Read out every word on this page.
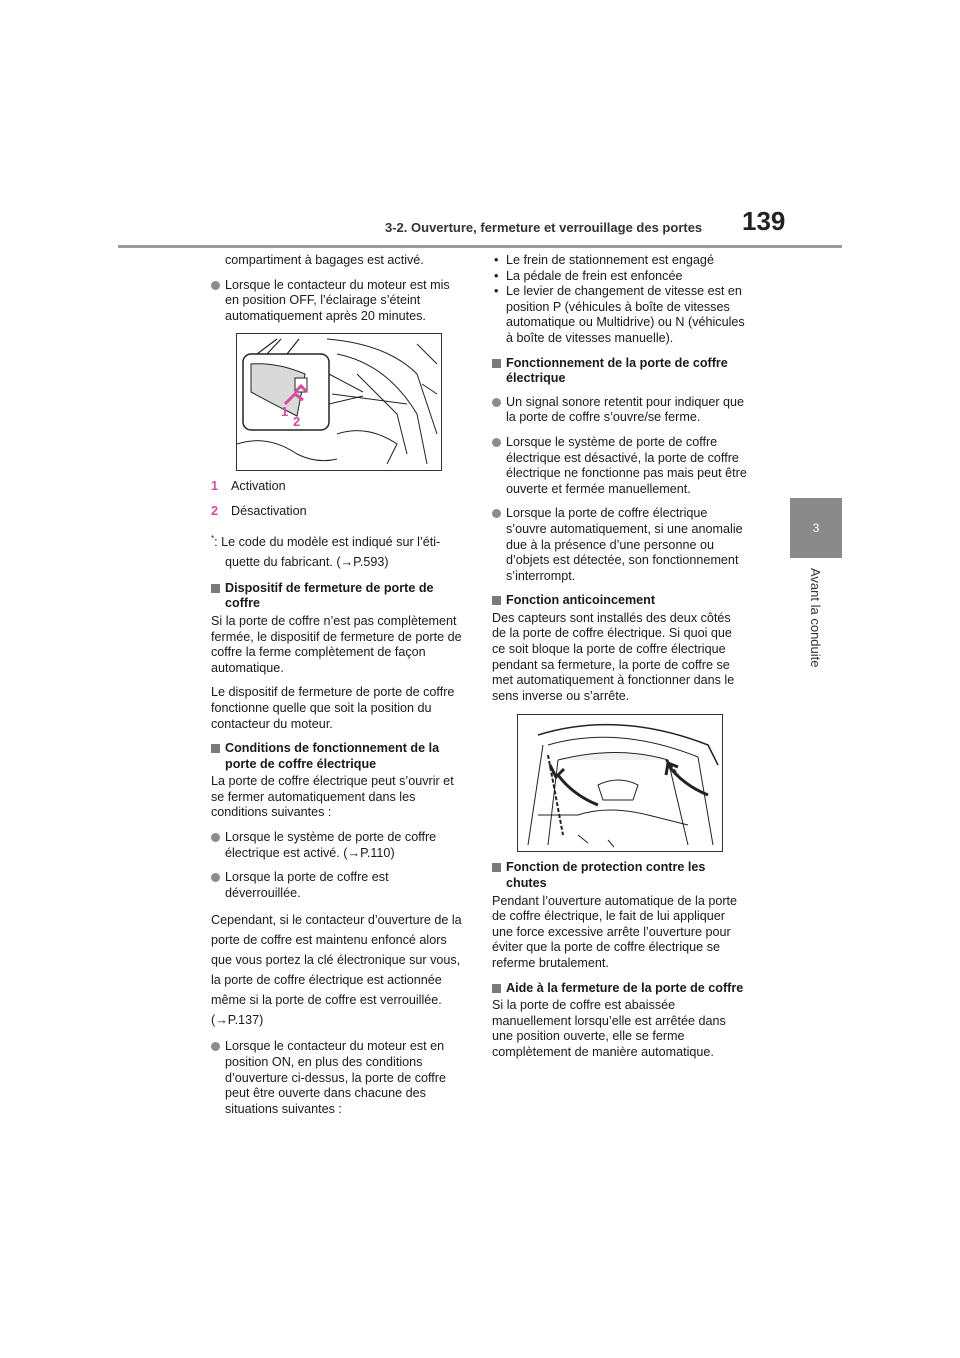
3-2. Ouverture, fermeture et verrouillage des portes 139
3
Avant la conduite

compartiment à bagages est activé.

Lorsque le contacteur du moteur est mis en position OFF, l’éclairage s’éteint automatiquement après 20 minutes.
1
2
1 Activation
2 Désactivation
*: Le code du modèle est indiqué sur l’éti-
quette du fabricant. (→P.593)
Dispositif de fermeture de porte de coffre

Si la porte de coffre n’est pas complètement fermée, le dispositif de fermeture de porte de coffre la ferme complètement de façon automatique.

Le dispositif de fermeture de porte de coffre fonctionne quelle que soit la position du contacteur du moteur.

Conditions de fonctionnement de la porte de coffre électrique

La porte de coffre électrique peut s’ouvrir et se fermer automatiquement dans les conditions suivantes :

Lorsque le système de porte de coffre électrique est activé. (→P.110)
Lorsque la porte de coffre est déverrouillée.

Cependant, si le contacteur d’ouverture de la

porte de coffre est maintenu enfoncé alors

que vous portez la clé électronique sur vous,

la porte de coffre électrique est actionnée

même si la porte de coffre est verrouillée.

(→P.137)

Lorsque le contacteur du moteur est en position ON, en plus des conditions d’ouverture ci-dessus, la porte de coffre peut être ouverte dans chacune des situations suivantes :

• Le frein de stationnement est engagé

• La pédale de frein est enfoncée

• Le levier de changement de vitesse est en position P (véhicules à boîte de vitesses automatique ou Multidrive) ou N (véhicules à boîte de vitesses manuelle).

Fonctionnement de la porte de coffre électrique
Un signal sonore retentit pour indiquer que la porte de coffre s’ouvre/se ferme.
Lorsque le système de porte de coffre électrique est désactivé, la porte de coffre électrique ne fonctionne pas mais peut être ouverte et fermée manuellement.
Lorsque la porte de coffre électrique s’ouvre automatiquement, si une anomalie due à la présence d’une personne ou d’objets est détectée, son fonctionnement s’interrompt.
Fonction anticoincement

Des capteurs sont installés des deux côtés de la porte de coffre électrique. Si quoi que ce soit bloque la porte de coffre électrique pendant sa fermeture, la porte de coffre se met automatiquement à fonctionner dans le sens inverse ou s’arrête.

Fonction de protection contre les chutes

Pendant l’ouverture automatique de la porte de coffre électrique, le fait de lui appliquer une force excessive arrête l’ouverture pour éviter que la porte de coffre électrique se referme brutalement.

Aide à la fermeture de la porte de coffre

Si la porte de coffre est abaissée manuellement lorsqu’elle est arrêtée dans une position ouverte, elle se ferme complètement de manière automatique.
